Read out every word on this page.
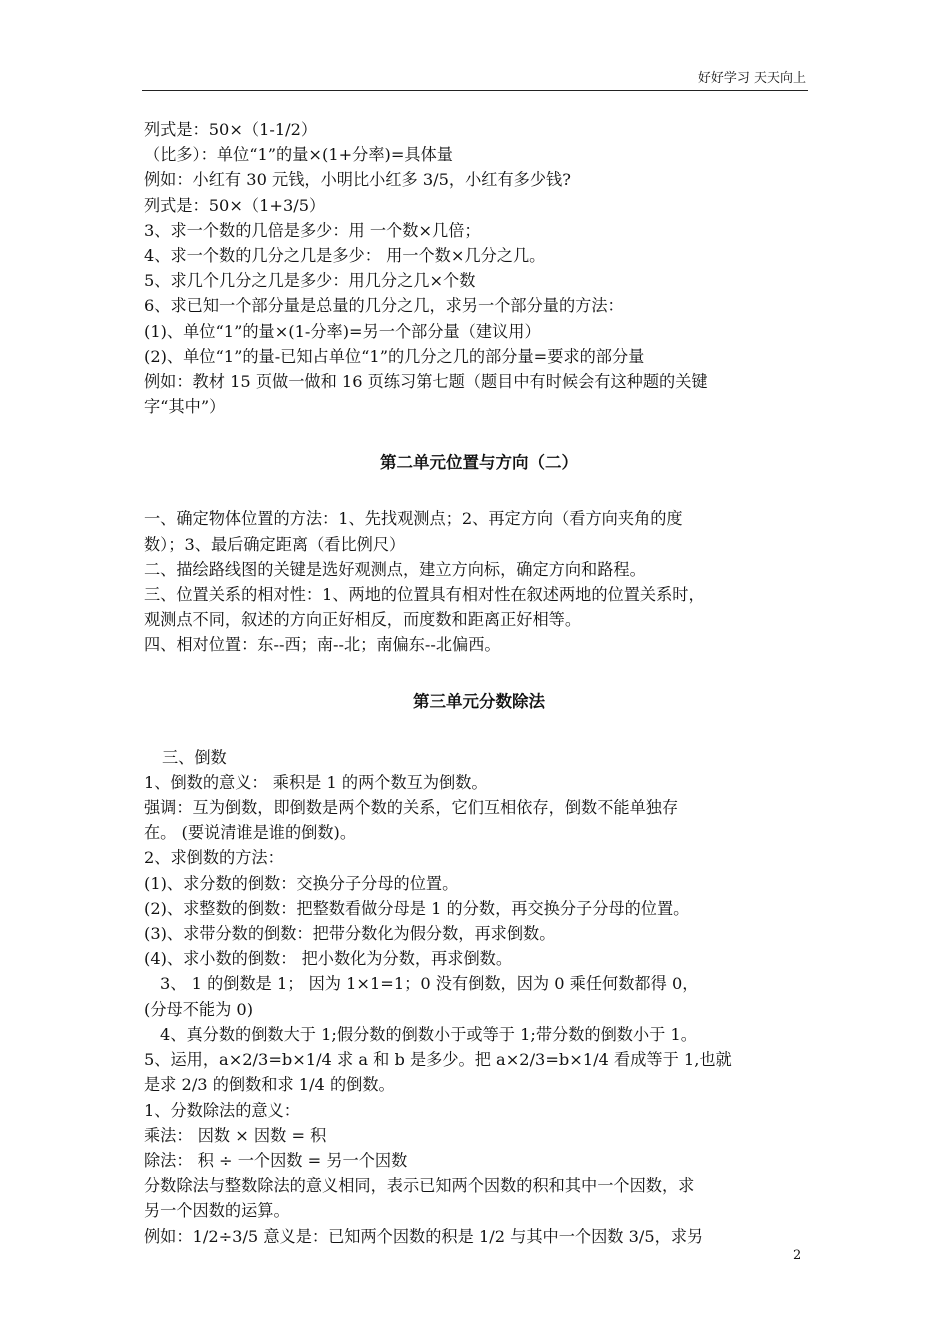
好好学习 天天向上
列式是：50×（1-1/2）
（比多）：单位“1”的量×(1+分率)=具体量
例如：小红有 30 元钱，小明比小红多 3/5，小红有多少钱?
列式是：50×（1+3/5）
3、求一个数的几倍是多少：用 一个数×几倍；
4、求一个数的几分之几是多少： 用一个数×几分之几。
5、求几个几分之几是多少：用几分之几×个数
6、求已知一个部分量是总量的几分之几，求另一个部分量的方法：
(1)、单位“1”的量×(1-分率)=另一个部分量（建议用）
(2)、单位“1”的量-已知占单位“1”的几分之几的部分量=要求的部分量
例如：教材 15 页做一做和 16 页练习第七题（题目中有时候会有这种题的关键
字“其中”）
第二单元位置与方向（二）
一、确定物体位置的方法：1、先找观测点；2、再定方向（看方向夹角的度
数）；3、最后确定距离（看比例尺）
二、描绘路线图的关键是选好观测点，建立方向标，确定方向和路程。
三、位置关系的相对性：1、两地的位置具有相对性在叙述两地的位置关系时，
观测点不同，叙述的方向正好相反，而度数和距离正好相等。
四、相对位置：东--西；南--北；南偏东--北偏西。
第三单元分数除法
三、倒数
1、倒数的意义： 乘积是 1 的两个数互为倒数。
强调：互为倒数，即倒数是两个数的关系，它们互相依存，倒数不能单独存
在。 (要说清谁是谁的倒数)。
2、求倒数的方法：
(1)、求分数的倒数：交换分子分母的位置。
(2)、求整数的倒数：把整数看做分母是 1 的分数，再交换分子分母的位置。
(3)、求带分数的倒数：把带分数化为假分数，再求倒数。
(4)、求小数的倒数： 把小数化为分数，再求倒数。
3、 1 的倒数是 1； 因为 1×1=1；0 没有倒数，因为 0 乘任何数都得 0，
(分母不能为 0)
4、真分数的倒数大于 1;假分数的倒数小于或等于 1;带分数的倒数小于 1。
5、运用，a×2/3=b×1/4 求 a 和 b 是多少。把 a×2/3=b×1/4 看成等于 1,也就
是求 2/3 的倒数和求 1/4 的倒数。
1、分数除法的意义：
乘法： 因数 × 因数 = 积
除法： 积 ÷ 一个因数 = 另一个因数
分数除法与整数除法的意义相同，表示已知两个因数的积和其中一个因数，求
另一个因数的运算。
例如：1/2÷3/5 意义是：已知两个因数的积是 1/2 与其中一个因数 3/5，求另
2
